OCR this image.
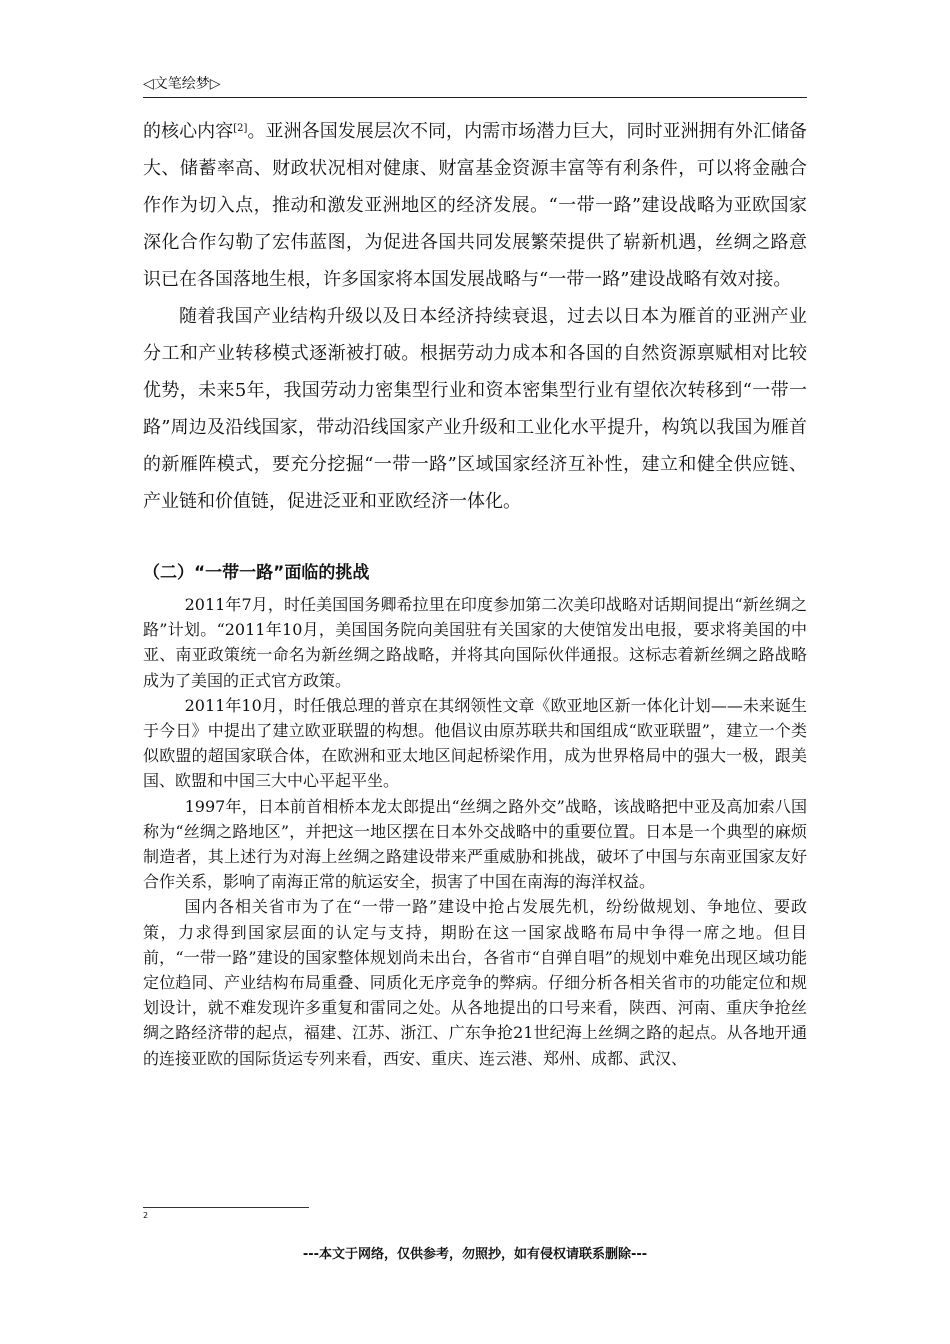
◁文笔绘梦▷

的核心内容[2]。亚洲各国发展层次不同，内需市场潜力巨大，同时亚洲拥有外汇储备大、储蓄率高、财政状况相对健康、财富基金资源丰富等有利条件，可以将金融合作作为切入点，推动和激发亚洲地区的经济发展。“一带一路”建设战略为亚欧国家深化合作勾勒了宏伟蓝图，为促进各国共同发展繁荣提供了崭新机遇，丝绸之路意识已在各国落地生根，许多国家将本国发展战略与“一带一路”建设战略有效对接。

随着我国产业结构升级以及日本经济持续衰退，过去以日本为雁首的亚洲产业分工和产业转移模式逐渐被打破。根据劳动力成本和各国的自然资源禀赋相对比较优势，未来5年，我国劳动力密集型行业和资本密集型行业有望依次转移到“一带一路”周边及沿线国家，带动沿线国家产业升级和工业化水平提升，构筑以我国为雁首的新雁阵模式，要充分挖掘“一带一路”区域国家经济互补性，建立和健全供应链、产业链和价值链，促进泛亚和亚欧经济一体化。

（二）“一带一路”面临的挑战

2011年7月，时任美国国务卿希拉里在印度参加第二次美印战略对话期间提出“新丝绸之路”计划。“2011年10月，美国国务院向美国驻有关国家的大使馆发出电报，要求将美国的中亚、南亚政策统一命名为新丝绸之路战略，并将其向国际伙伴通报。这标志着新丝绸之路战略成为了美国的正式官方政策。

2011年10月，时任俄总理的普京在其纲领性文章《欧亚地区新一体化计划——未来诞生于今日》中提出了建立欧亚联盟的构想。他倡议由原苏联共和国组成“欧亚联盟”，建立一个类似欧盟的超国家联合体，在欧洲和亚太地区间起桥梁作用，成为世界格局中的强大一极，跟美国、欧盟和中国三大中心平起平坐。

1997年，日本前首相桥本龙太郎提出“丝绸之路外交”战略，该战略把中亚及高加索八国称为“丝绸之路地区”，并把这一地区摆在日本外交战略中的重要位置。日本是一个典型的麻烦制造者，其上述行为对海上丝绸之路建设带来严重威胁和挑战，破坏了中国与东南亚国家友好合作关系，影响了南海正常的航运安全，损害了中国在南海的海洋权益。

国内各相关省市为了在“一带一路”建设中抢占发展先机，纷纷做规划、争地位、要政策，力求得到国家层面的认定与支持，期盼在这一国家战略布局中争得一席之地。但目前，“一带一路”建设的国家整体规划尚未出台，各省市“自弹自唱”的规划中难免出现区域功能定位趋同、产业结构布局重叠、同质化无序竞争的弊病。仔细分析各相关省市的功能定位和规划设计，就不难发现许多重复和雷同之处。从各地提出的口号来看，陕西、河南、重庆争抢丝绸之路经济带的起点，福建、江苏、浙江、广东争抢21世纪海上丝绸之路的起点。从各地开通的连接亚欧的国际货运专列来看，西安、重庆、连云港、郑州、成都、武汉、

2
---本文于网络，仅供参考，勿照抄，如有侵权请联系删除---
